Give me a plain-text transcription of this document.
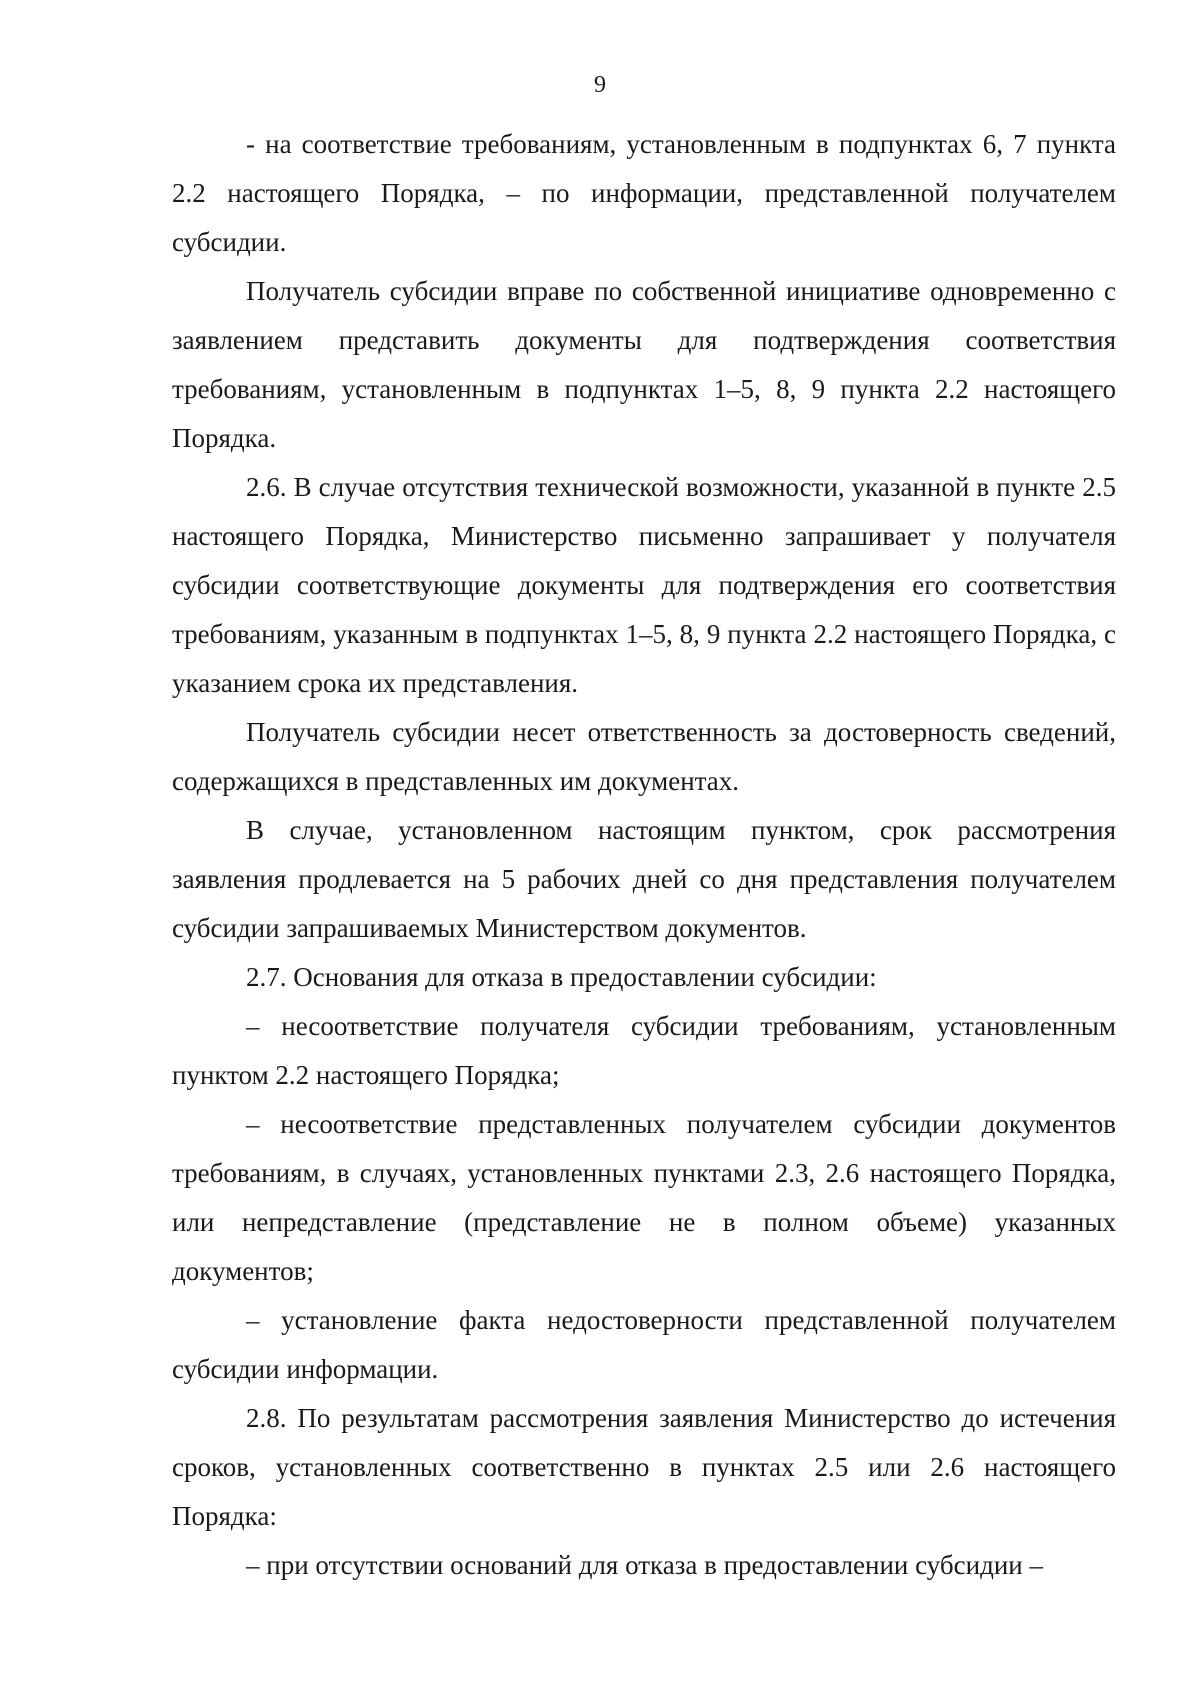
9

- на соответствие требованиям, установленным в подпунктах 6, 7 пункта 2.2 настоящего Порядка, – по информации, представленной получателем субсидии.

Получатель субсидии вправе по собственной инициативе одновременно с заявлением представить документы для подтверждения соответствия требованиям, установленным в подпунктах 1–5, 8, 9 пункта 2.2 настоящего Порядка.

2.6. В случае отсутствия технической возможности, указанной в пункте 2.5 настоящего Порядка, Министерство письменно запрашивает у получателя субсидии соответствующие документы для подтверждения его соответствия требованиям, указанным в подпунктах 1–5, 8, 9 пункта 2.2 настоящего Порядка, с указанием срока их представления.

Получатель субсидии несет ответственность за достоверность сведений, содержащихся в представленных им документах.

В случае, установленном настоящим пунктом, срок рассмотрения заявления продлевается на 5 рабочих дней со дня представления получателем субсидии запрашиваемых Министерством документов.

2.7. Основания для отказа в предоставлении субсидии:

– несоответствие получателя субсидии требованиям, установленным пунктом 2.2 настоящего Порядка;

– несоответствие представленных получателем субсидии документов требованиям, в случаях, установленных пунктами 2.3, 2.6 настоящего Порядка, или непредставление (представление не в полном объеме) указанных документов;

– установление факта недостоверности представленной получателем субсидии информации.

2.8. По результатам рассмотрения заявления Министерство до истечения сроков, установленных соответственно в пунктах 2.5 или 2.6 настоящего Порядка:

– при отсутствии оснований для отказа в предоставлении субсидии –
